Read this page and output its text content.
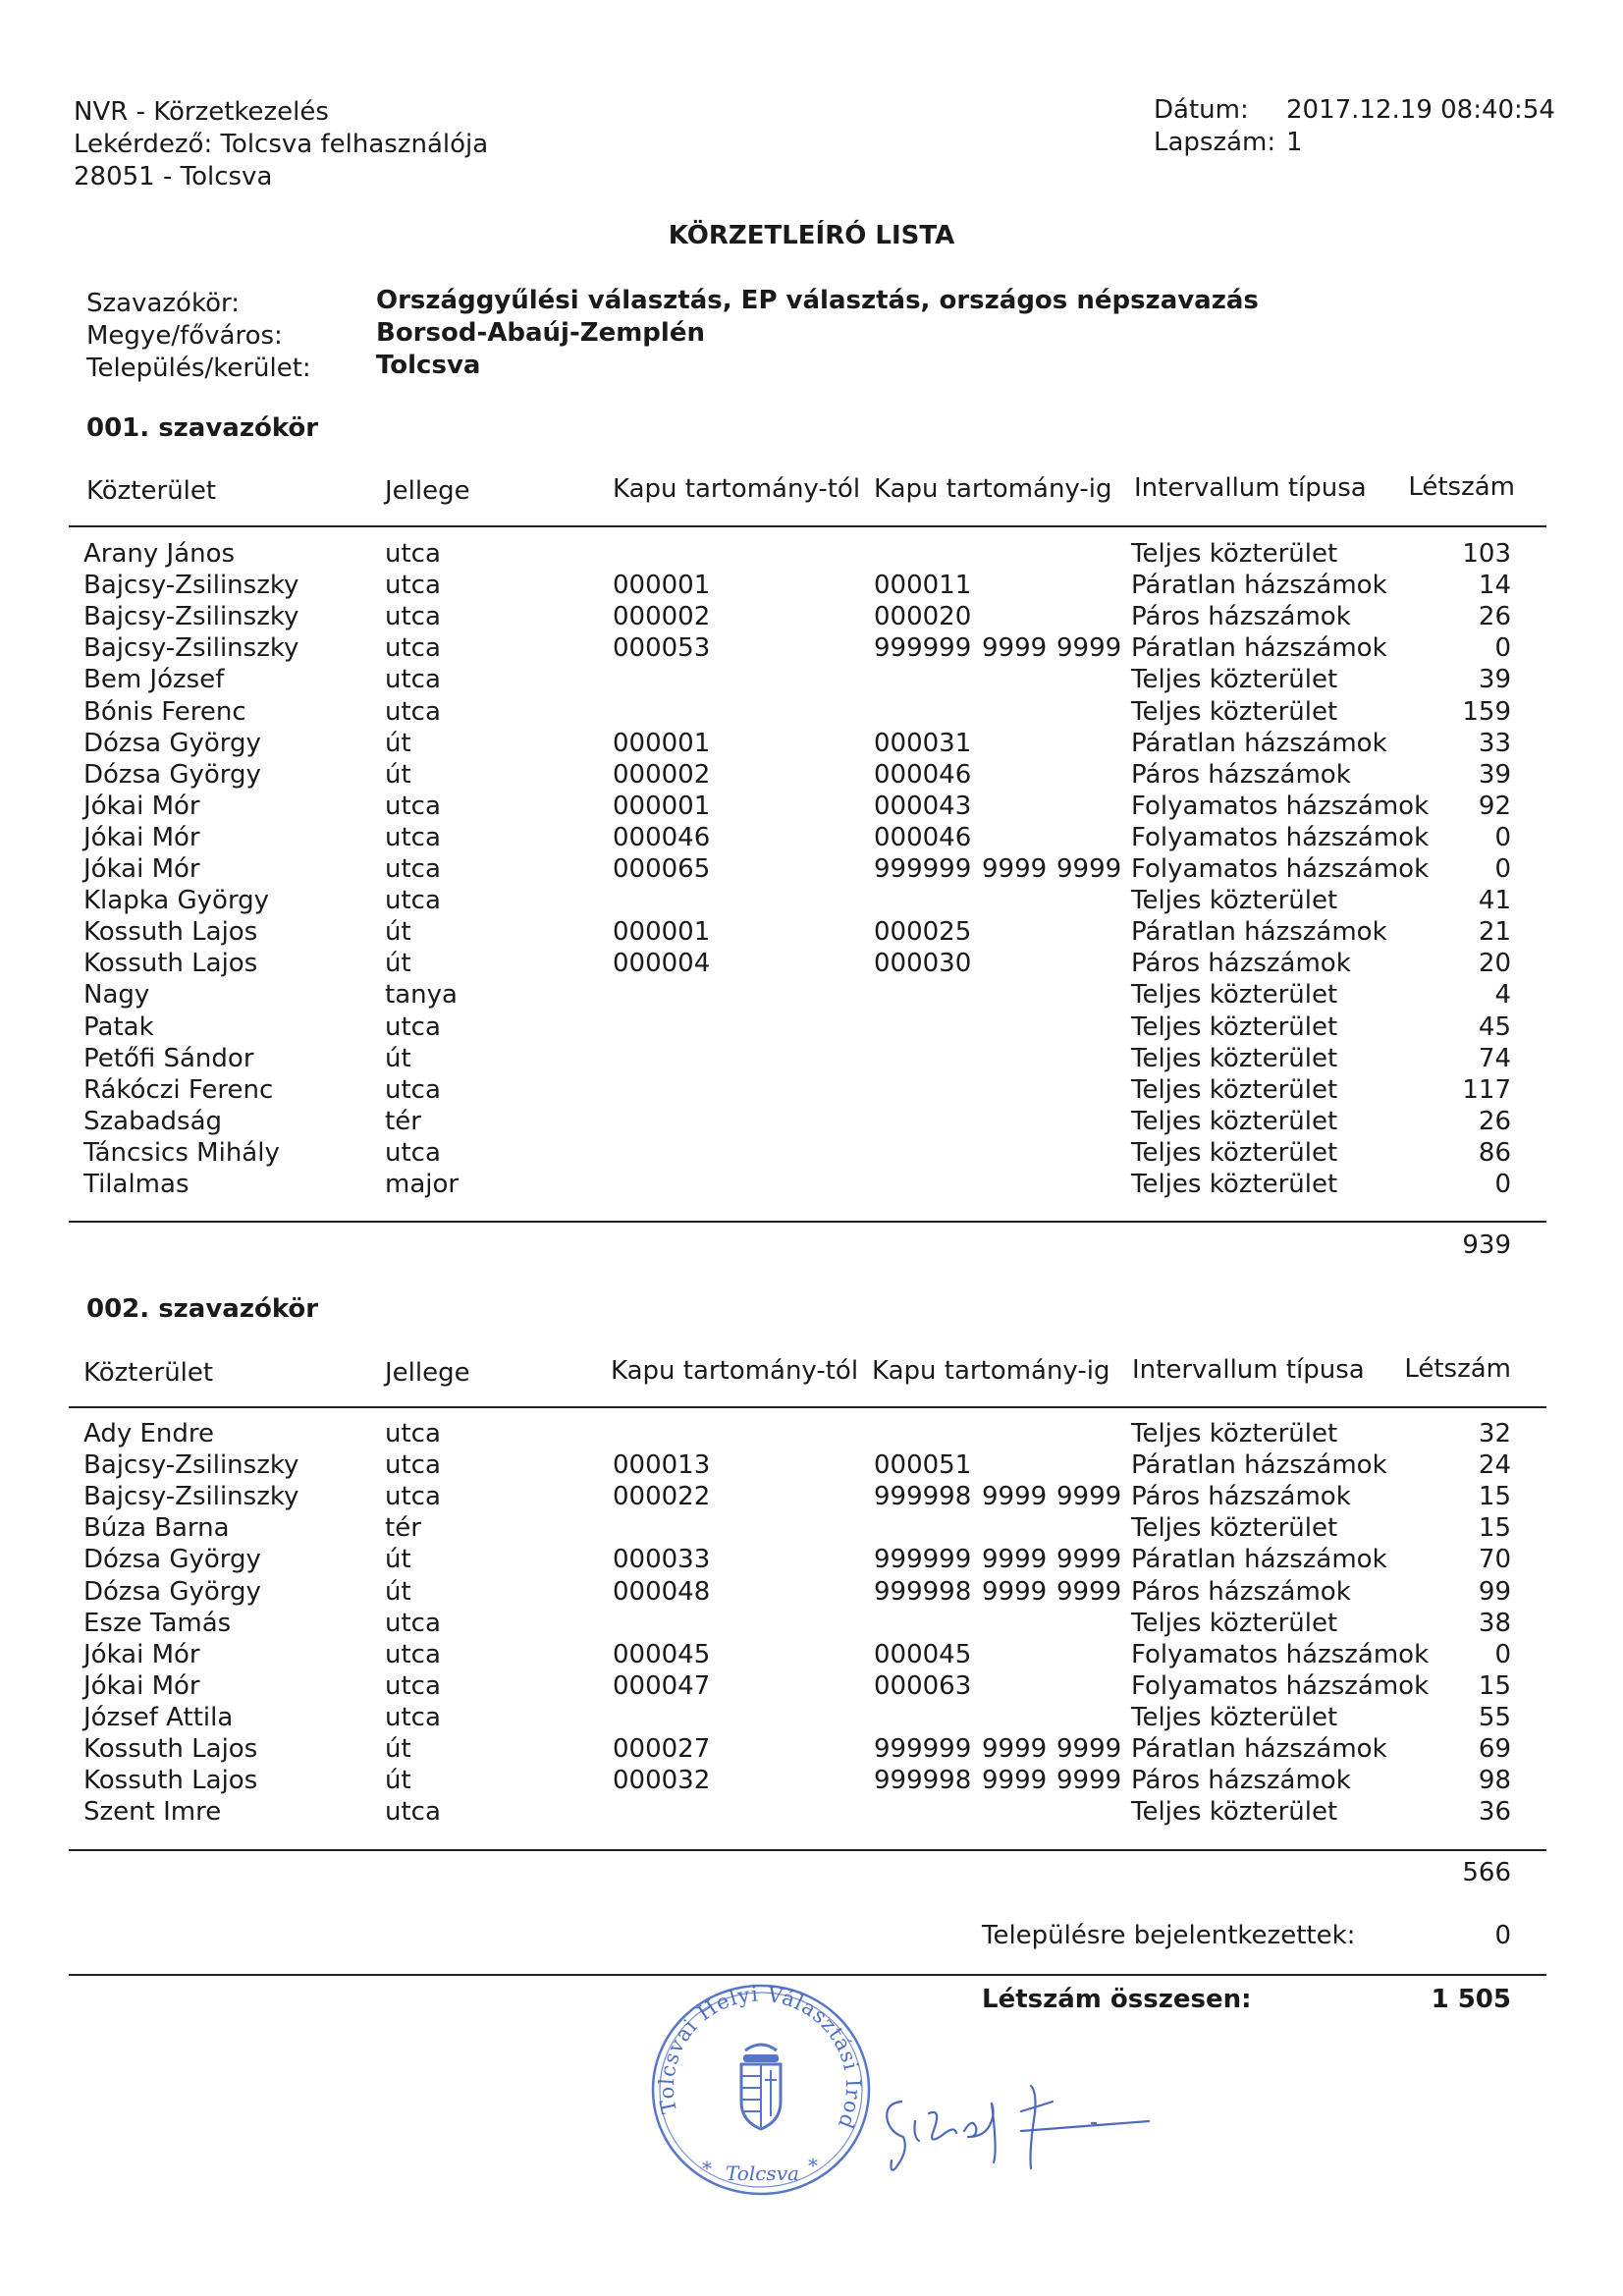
NVR - Körzetkezelés
Lekérdező: Tolcsva felhasználója
28051 - Tolcsva
Dátum: 2017.12.19 08:40:54
Lapszám: 1
KÖRZETLEÍRÓ LISTA
Szavazókör:	Országgyűlési választás, EP választás, országos népszavazás
Megye/főváros:	Borsod-Abaúj-Zemplén
Település/kerület:	Tolcsva
001. szavazókör
Közterület	Jellege	Kapu tartomány-tól Kapu tartomány-ig Intervallum típusa Létszám
Arany János	utca	Teljes közterület	103
Bajcsy-Zsilinszky	utca	000001	000011	Páratlan házszámok	14
Bajcsy-Zsilinszky	utca	000002	000020	Páros házszámok	26
Bajcsy-Zsilinszky	utca	000053	999999 9999 9999 Páratlan házszámok	0
Bem József	utca	Teljes közterület	39
Bónis Ferenc	utca	Teljes közterület	159
Dózsa György	út	000001	000031	Páratlan házszámok	33
Dózsa György	út	000002	000046	Páros házszámok	39
Jókai Mór	utca	000001	000043	Folyamatos házszámok 92
Jókai Mór	utca	000046	000046	Folyamatos házszámok	0
Jókai Mór	utca	000065	999999 9999 9999 Folyamatos házszámok	0
Klapka György	utca	Teljes közterület	41
Kossuth Lajos	út	000001	000025	Páratlan házszámok	21
Kossuth Lajos	út	000004	000030	Páros házszámok	20
Nagy	tanya	Teljes közterület	4
Patak	utca	Teljes közterület	45
Petőfi Sándor	út	Teljes közterület	74
Rákóczi Ferenc	utca	Teljes közterület	117
Szabadság	tér	Teljes közterület	26
Táncsics Mihály	utca	Teljes közterület	86
Tilalmas	major	Teljes közterület	0
939
002. szavazókör
Közterület	Jellege	Kapu tartomány-tól Kapu tartomány-ig Intervallum típusa Létszám
Ady Endre	utca	Teljes közterület	32
Bajcsy-Zsilinszky	utca	000013	000051	Páratlan házszámok	24
Bajcsy-Zsilinszky	utca	000022	999998 9999 9999 Páros házszámok	15
Búza Barna	tér	Teljes közterület	15
Dózsa György	út	000033	999999 9999 9999 Páratlan házszámok	70
Dózsa György	út	000048	999998 9999 9999 Páros házszámok	99
Esze Tamás	utca	Teljes közterület	38
Jókai Mór	utca	000045	000045	Folyamatos házszámok	0
Jókai Mór	utca	000047	000063	Folyamatos házszámok 15
József Attila	utca	Teljes közterület	55
Kossuth Lajos	út	000027	999999 9999 9999 Páratlan házszámok	69
Kossuth Lajos	út	000032	999998 9999 9999 Páros házszámok	98
Szent Imre	utca	Teljes közterület	36
566
Településre bejelentkezettek:	0
Létszám összesen:	1 505
Tolcsvai Helyi Választási Irod
* Tolcsva *
